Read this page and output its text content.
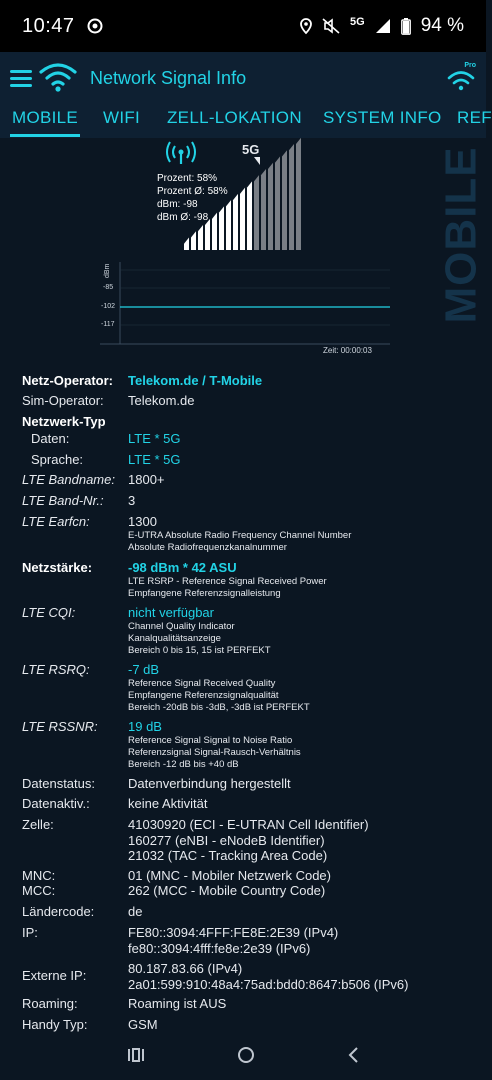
10:47	5G	94 %
Network Signal Info
Pro
MOBILE WIFI ZELL-LOKATION SYSTEM INFO REF
5G
Prozent: 58%
Prozent Ø: 58%
dBm: -98
dBm Ø: -98	MOBILE
dBm
-85
-102
-117
Zeit: 00:00:03
Netz-Operator:	Telekom.de / T-Mobile
Sim-Operator:	Telekom.de
Netzwerk-Typ
Daten:	LTE * 5G
Sprache:	LTE * 5G
LTE Bandname:	1800+
LTE Band-Nr.:	3
LTE Earfcn:	1300
E-UTRA Absolute Radio Frequency Channel Number
Absolute Radiofrequenzkanalnummer
Netzstärke:	-98 dBm * 42 ASU
LTE RSRP - Reference Signal Received Power
Empfangene Referenzsignalleistung
LTE CQI:	nicht verfügbar
Channel Quality Indicator
Kanalqualitätsanzeige
Bereich 0 bis 15, 15 ist PERFEKT
LTE RSRQ:	-7 dB
Reference Signal Received Quality
Empfangene Referenzsignalqualität
Bereich -20dB bis -3dB, -3dB ist PERFEKT
LTE RSSNR:	19 dB
Reference Signal Signal to Noise Ratio
Referenzsignal Signal-Rausch-Verhältnis
Bereich -12 dB bis +40 dB
Datenstatus:	Datenverbindung hergestellt
Datenaktiv.:	keine Aktivität
Zelle:	41030920 (ECI - E-UTRAN Cell Identifier)
160277 (eNBI - eNodeB Identifier)
21032 (TAC - Tracking Area Code)
MNC:	01 (MNC - Mobiler Netzwerk Code)
MCC:	262 (MCC - Mobile Country Code)
Ländercode:	de
IP:	FE80::3094:4FFF:FE8E:2E39 (IPv4)
fe80::3094:4fff:fe8e:2e39 (IPv6)
Externe IP:	80.187.83.66 (IPv4)
2a01:599:910:48a4:75ad:bdd0:8647:b506 (IPv6)
Roaming:	Roaming ist AUS
Handy Typ:	GSM
